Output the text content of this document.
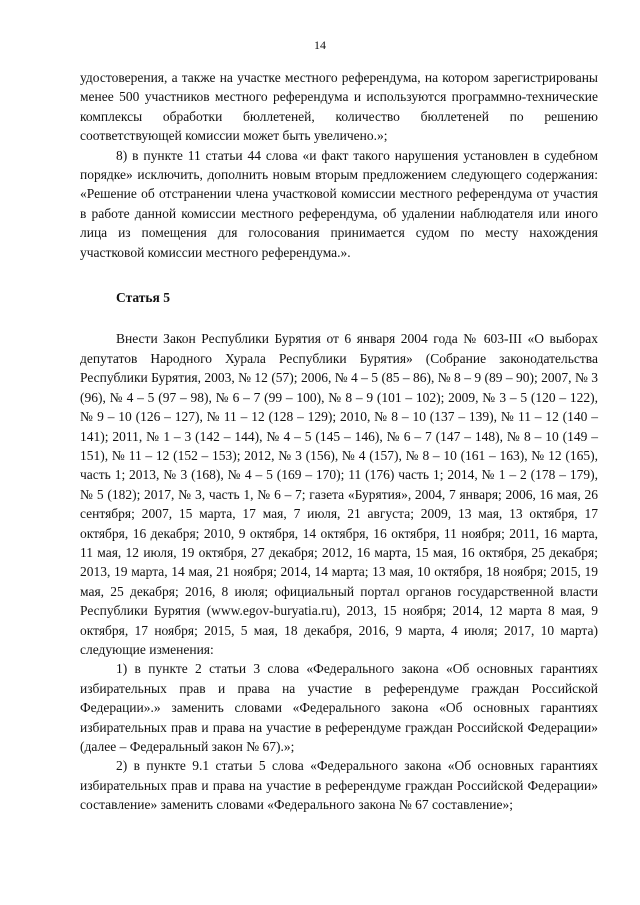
14

удостоверения, а также на участке местного референдума, на котором зарегистрированы менее 500 участников местного референдума и используются программно-технические комплексы обработки бюллетеней, количество бюллетеней по решению соответствующей комиссии может быть увеличено.»;

8) в пункте 11 статьи 44 слова «и факт такого нарушения установлен в судебном порядке» исключить, дополнить новым вторым предложением следующего содержания: «Решение об отстранении члена участковой комиссии местного референдума от участия в работе данной комиссии местного референдума, об удалении наблюдателя или иного лица из помещения для голосования принимается судом по месту нахождения участковой комиссии местного референдума.».

Статья 5

Внести Закон Республики Бурятия от 6 января 2004 года № 603-III «О выборах депутатов Народного Хурала Республики Бурятия» (Собрание законодательства Республики Бурятия, 2003, № 12 (57); 2006, № 4 – 5 (85 – 86), № 8 – 9 (89 – 90); 2007, № 3 (96), № 4 – 5 (97 – 98), № 6 – 7 (99 – 100), № 8 – 9 (101 – 102); 2009, № 3 – 5 (120 – 122), № 9 – 10 (126 – 127), № 11 – 12 (128 – 129); 2010, № 8 – 10 (137 – 139), № 11 – 12 (140 – 141); 2011, № 1 – 3 (142 – 144), № 4 – 5 (145 – 146), № 6 – 7 (147 – 148), № 8 – 10 (149 – 151), № 11 – 12 (152 – 153); 2012, № 3 (156), № 4 (157), № 8 – 10 (161 – 163), № 12 (165), часть 1; 2013, № 3 (168), № 4 – 5 (169 – 170); 11 (176) часть 1; 2014, № 1 – 2 (178 – 179), № 5 (182); 2017, № 3, часть 1, № 6 – 7; газета «Бурятия», 2004, 7 января; 2006, 16 мая, 26 сентября; 2007, 15 марта, 17 мая, 7 июля, 21 августа; 2009, 13 мая, 13 октября, 17 октября, 16 декабря; 2010, 9 октября, 14 октября, 16 октября, 11 ноября; 2011, 16 марта, 11 мая, 12 июля, 19 октября, 27 декабря; 2012, 16 марта, 15 мая, 16 октября, 25 декабря; 2013, 19 марта, 14 мая, 21 ноября; 2014, 14 марта; 13 мая, 10 октября, 18 ноября; 2015, 19 мая, 25 декабря; 2016, 8 июля; официальный портал органов государственной власти Республики Бурятия (www.egov-buryatia.ru), 2013, 15 ноября; 2014, 12 марта 8 мая, 9 октября, 17 ноября; 2015, 5 мая, 18 декабря, 2016, 9 марта, 4 июля; 2017, 10 марта) следующие изменения:

1) в пункте 2 статьи 3 слова «Федерального закона «Об основных гарантиях избирательных прав и права на участие в референдуме граждан Российской Федерации».» заменить словами «Федерального закона «Об основных гарантиях избирательных прав и права на участие в референдуме граждан Российской Федерации» (далее – Федеральный закон № 67).»;

2) в пункте 9.1 статьи 5 слова «Федерального закона «Об основных гарантиях избирательных прав и права на участие в референдуме граждан Российской Федерации» составление» заменить словами «Федерального закона № 67 составление»;
